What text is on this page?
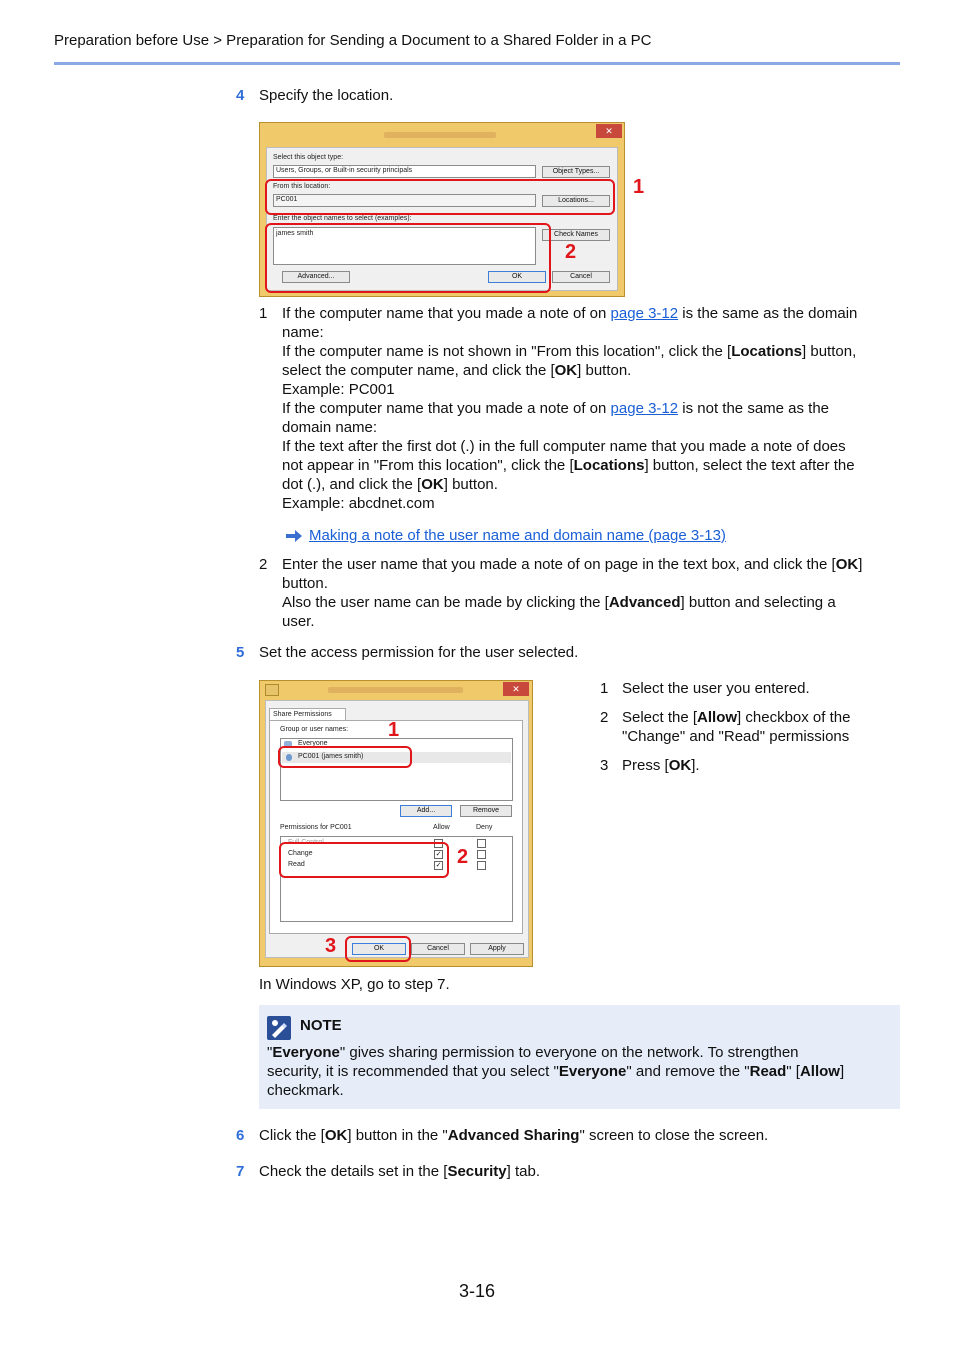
Preparation before Use > Preparation for Sending a Document to a Shared Folder in a PC
4 Specify the location.
✕
Select this object type:
Users, Groups, or Built-in security principals	Object Types...
From this location:
PC001	Locations...
Enter the object names to select (examples):
james smith	Check Names
Advanced...	OK	Cancel
1
2
1 If the computer name that you made a note of on page 3-12 is the same as the domain
name:
If the computer name is not shown in "From this location", click the [Locations] button,
select the computer name, and click the [OK] button.
Example: PC001
If the computer name that you made a note of on page 3-12 is not the same as the
domain name:
If the text after the first dot (.) in the full computer name that you made a note of does
not appear in "From this location", click the [Locations] button, select the text after the
dot (.), and click the [OK] button.
Example: abcdnet.com
Making a note of the user name and domain name (page 3-13)
2 Enter the user name that you made a note of on page in the text box, and click the [OK]
button.
Also the user name can be made by clicking the [Advanced] button and selecting a
user.
5 Set the access permission for the user selected.
✕
Share Permissions
Group or user names:
Everyone
PC001 (james smith)
Add...	Remove
Permissions for PC001	Allow	Deny
Full Control
Change	✓
Read	✓
OK	Cancel	Apply
1
2
3
1 Select the user you entered.
2 Select the [Allow] checkbox of the
"Change" and "Read" permissions
3 Press [OK].
In Windows XP, go to step 7.
NOTE
"Everyone" gives sharing permission to everyone on the network. To strengthen
security, it is recommended that you select "Everyone" and remove the "Read" [Allow]
checkmark.
6 Click the [OK] button in the "Advanced Sharing" screen to close the screen.
7 Check the details set in the [Security] tab.
3-16
